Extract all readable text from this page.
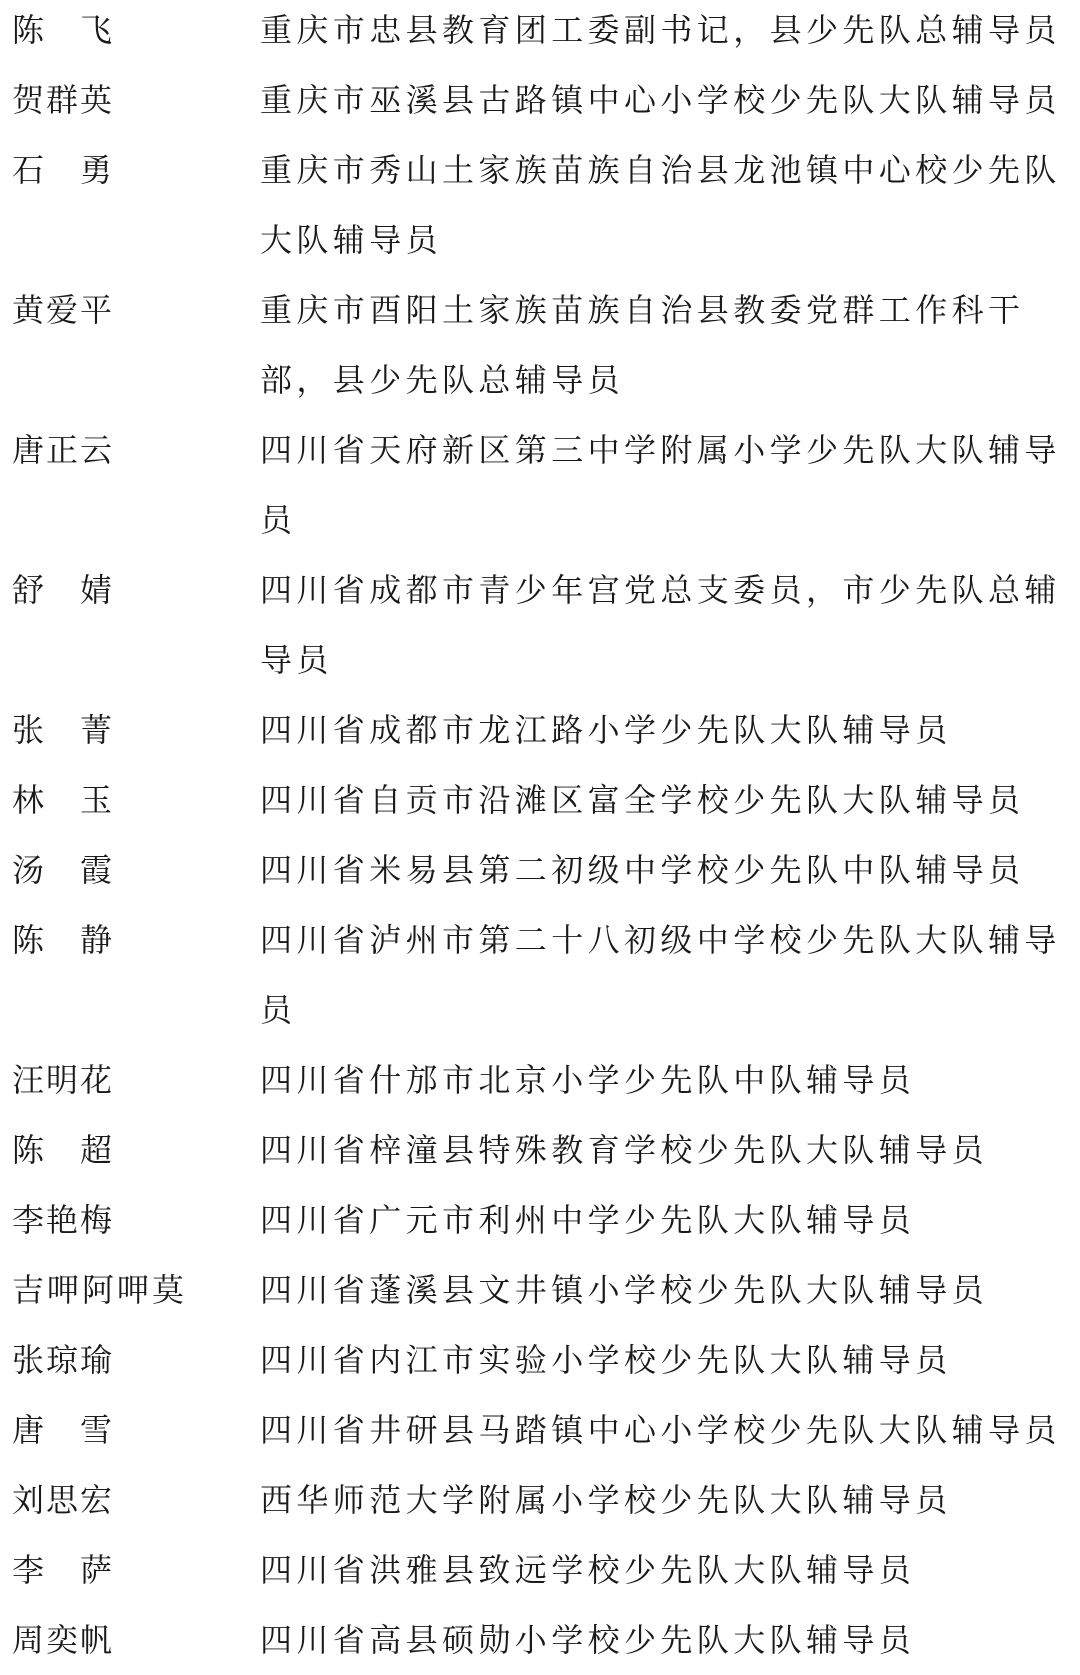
陈　飞	重庆市忠县教育团工委副书记，县少先队总辅导员
贺群英	重庆市巫溪县古路镇中心小学校少先队大队辅导员
石　勇	重庆市秀山土家族苗族自治县龙池镇中心校少先队大队辅导员
黄爱平	重庆市酉阳土家族苗族自治县教委党群工作科干部，县少先队总辅导员
唐正云	四川省天府新区第三中学附属小学少先队大队辅导员
舒　婧	四川省成都市青少年宫党总支委员，市少先队总辅导员
张　菁	四川省成都市龙江路小学少先队大队辅导员
林　玉	四川省自贡市沿滩区富全学校少先队大队辅导员
汤　霞	四川省米易县第二初级中学校少先队中队辅导员
陈　静	四川省泸州市第二十八初级中学校少先队大队辅导员
汪明花	四川省什邡市北京小学少先队中队辅导员
陈　超	四川省梓潼县特殊教育学校少先队大队辅导员
李艳梅	四川省广元市利州中学少先队大队辅导员
吉呷阿呷莫	四川省蓬溪县文井镇小学校少先队大队辅导员
张琼瑜	四川省内江市实验小学校少先队大队辅导员
唐　雪	四川省井研县马踏镇中心小学校少先队大队辅导员
刘思宏	西华师范大学附属小学校少先队大队辅导员
李　萨	四川省洪雅县致远学校少先队大队辅导员
周奕帆	四川省高县硕勋小学校少先队大队辅导员
